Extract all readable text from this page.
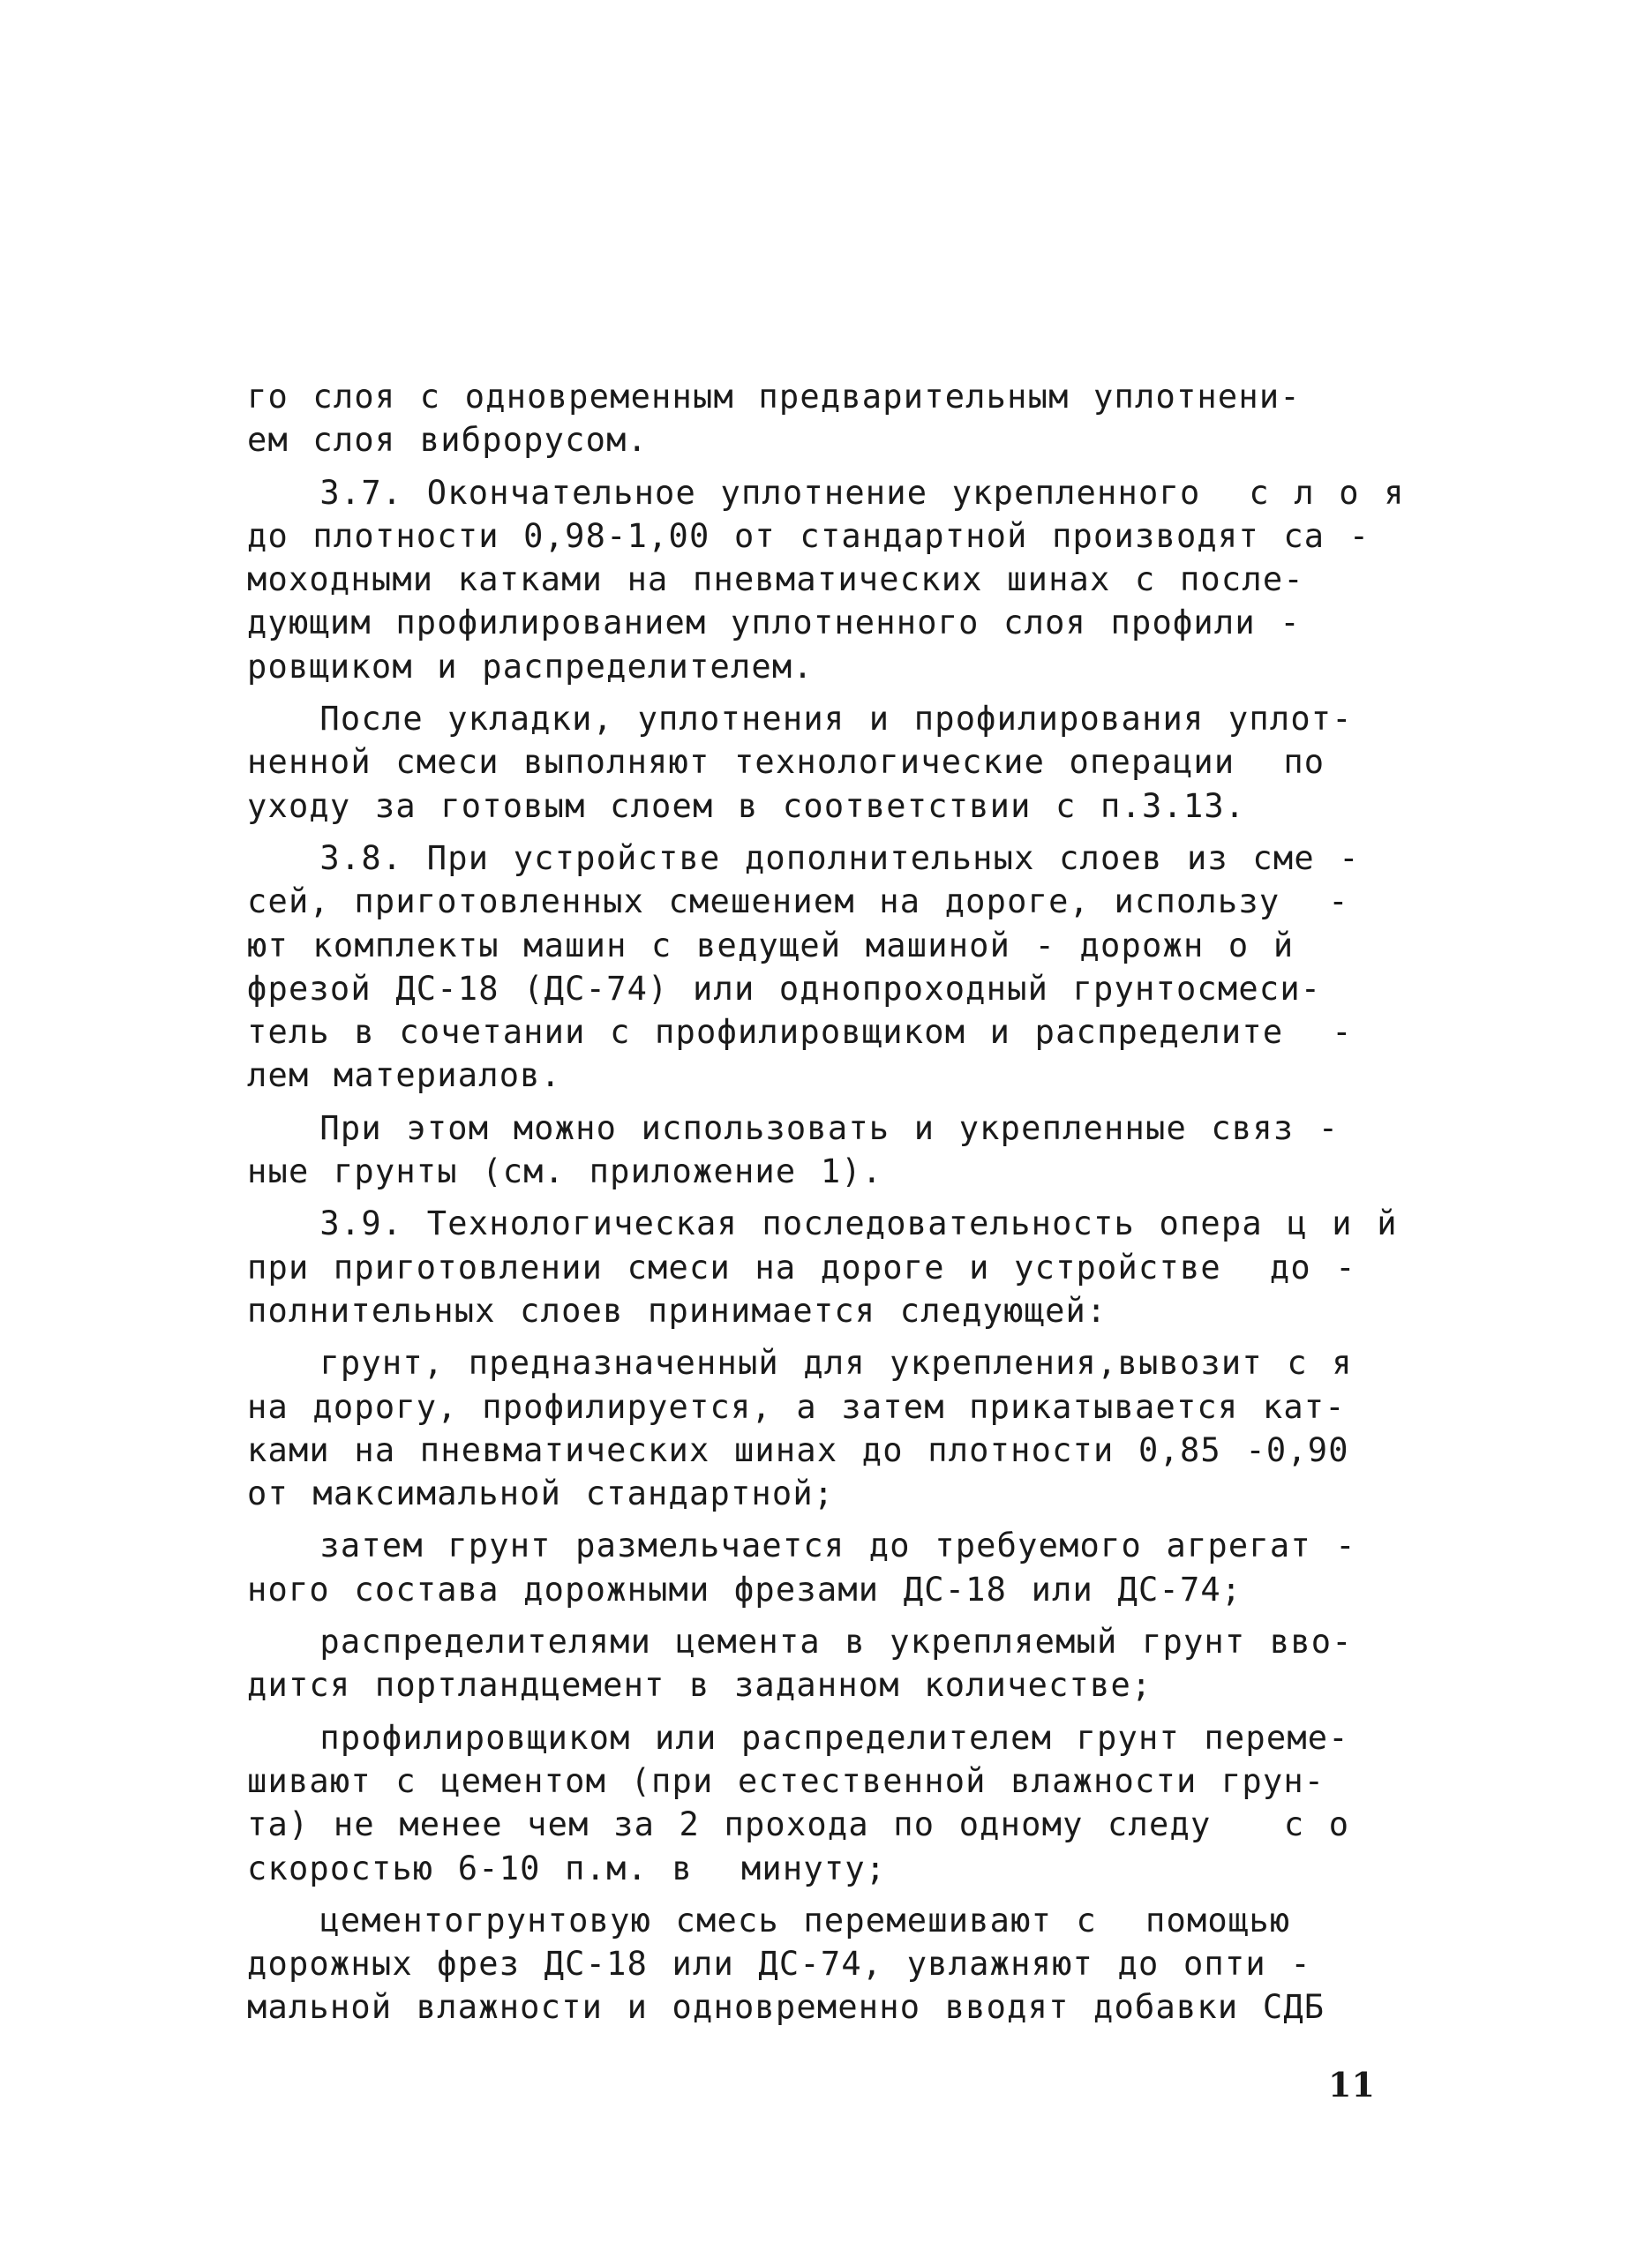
го слоя с одновременным предварительным уплотнени-
ем слоя виброрусом.
3.7. Окончательное уплотнение укрепленного  с л о я
до плотности 0,98-1,00 от стандартной производят са -
моходными катками на пневматических шинах с после-
дующим профилированием уплотненного слоя профили -
ровщиком и распределителем.
После укладки, уплотнения и профилирования уплот-
ненной смеси выполняют технологические операции  по
уходу за готовым слоем в соответствии с п.3.13.
3.8. При устройстве дополнительных слоев из сме -
сей, приготовленных смешением на дороге, использу  -
ют комплекты машин с ведущей машиной - дорожн о й
фрезой ДС-18 (ДС-74) или однопроходный грунтосмеси-
тель в сочетании с профилировщиком и распределите  -
лем материалов.
При этом можно использовать и укрепленные связ -
ные грунты (см. приложение 1).
3.9. Технологическая последовательность опера ц и й
при приготовлении смеси на дороге и устройстве  до -
полнительных слоев принимается следующей:
грунт, предназначенный для укрепления,вывозит с я
на дорогу, профилируется, а затем прикатывается кат-
ками на пневматических шинах до плотности 0,85 -0,90
от максимальной стандартной;
затем грунт размельчается до требуемого агрегат -
ного состава дорожными фрезами ДС-18 или ДС-74;
распределителями цемента в укрепляемый грунт вво-
дится портландцемент в заданном количестве;
профилировщиком или распределителем грунт переме-
шивают с цементом (при естественной влажности грун-
та) не менее чем за 2 прохода по одному следу   с о
скоростью 6-10 п.м. в  минуту;
цементогрунтовую смесь перемешивают с  помощью
дорожных фрез ДС-18 или ДС-74, увлажняют до опти -
мальной влажности и одновременно вводят добавки СДБ
11
